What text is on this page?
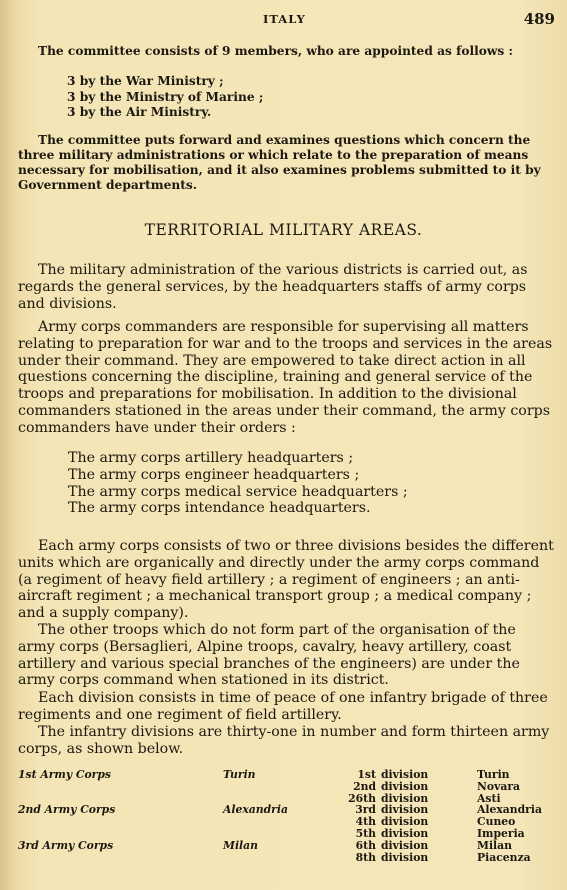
ITALY	489

The committee consists of 9 members, who are appointed as follows :

3 by the War Ministry ;
3 by the Ministry of Marine ;
3 by the Air Ministry.

The committee puts forward and examines questions which concern the three military administrations or which relate to the preparation of means necessary for mobilisation, and it also examines problems submitted to it by Government departments.

TERRITORIAL MILITARY AREAS.

The military administration of the various districts is carried out, as regards the general services, by the headquarters staffs of army corps and divisions.

Army corps commanders are responsible for supervising all matters relating to preparation for war and to the troops and services in the areas under their command. They are empowered to take direct action in all questions concerning the discipline, training and general service of the troops and preparations for mobilisation. In addition to the divisional commanders stationed in the areas under their command, the army corps commanders have under their orders :

The army corps artillery headquarters ;
The army corps engineer headquarters ;
The army corps medical service headquarters ;
The army corps intendance headquarters.

Each army corps consists of two or three divisions besides the different units which are organically and directly under the army corps command (a regiment of heavy field artillery ; a regiment of engineers ; an anti-aircraft regiment ; a mechanical transport group ; a medical company ; and a supply company).

The other troops which do not form part of the organisation of the army corps (Bersaglieri, Alpine troops, cavalry, heavy artillery, coast artillery and various special branches of the engineers) are under the army corps command when stationed in its district.

Each division consists in time of peace of one infantry brigade of three regiments and one regiment of field artillery.

The infantry divisions are thirty-one in number and form thirteen army corps, as shown below.

1st Army Corps	Turin	1st	division	Turin
		2nd	division	Novara
		26th	division	Asti
2nd Army Corps	Alexandria	3rd	division	Alexandria
		4th	division	Cuneo
		5th	division	Imperia
3rd Army Corps	Milan	6th	division	Milan
		8th	division	Piacenza
